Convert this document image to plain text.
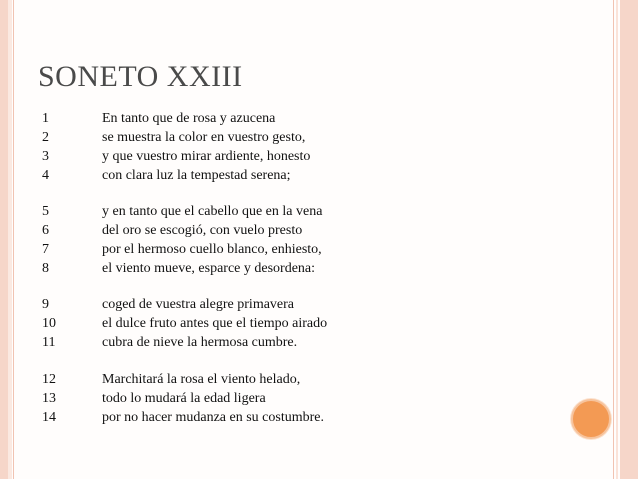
SONETO XXIII
1	En tanto que de rosa y azucena
2	se muestra la color en vuestro gesto,
3	y que vuestro mirar ardiente, honesto
4	con clara luz la tempestad serena;
5	y en tanto que el cabello que en la vena
6	del oro se escogió, con vuelo presto
7	por el hermoso cuello blanco, enhiesto,
8	el viento mueve, esparce y desordena:
9	coged de vuestra alegre primavera
10	el dulce fruto antes que el tiempo airado
11	cubra de nieve la hermosa cumbre.
12	Marchitará la rosa el viento helado,
13	todo lo mudará la edad ligera
14	por no hacer mudanza en su costumbre.
